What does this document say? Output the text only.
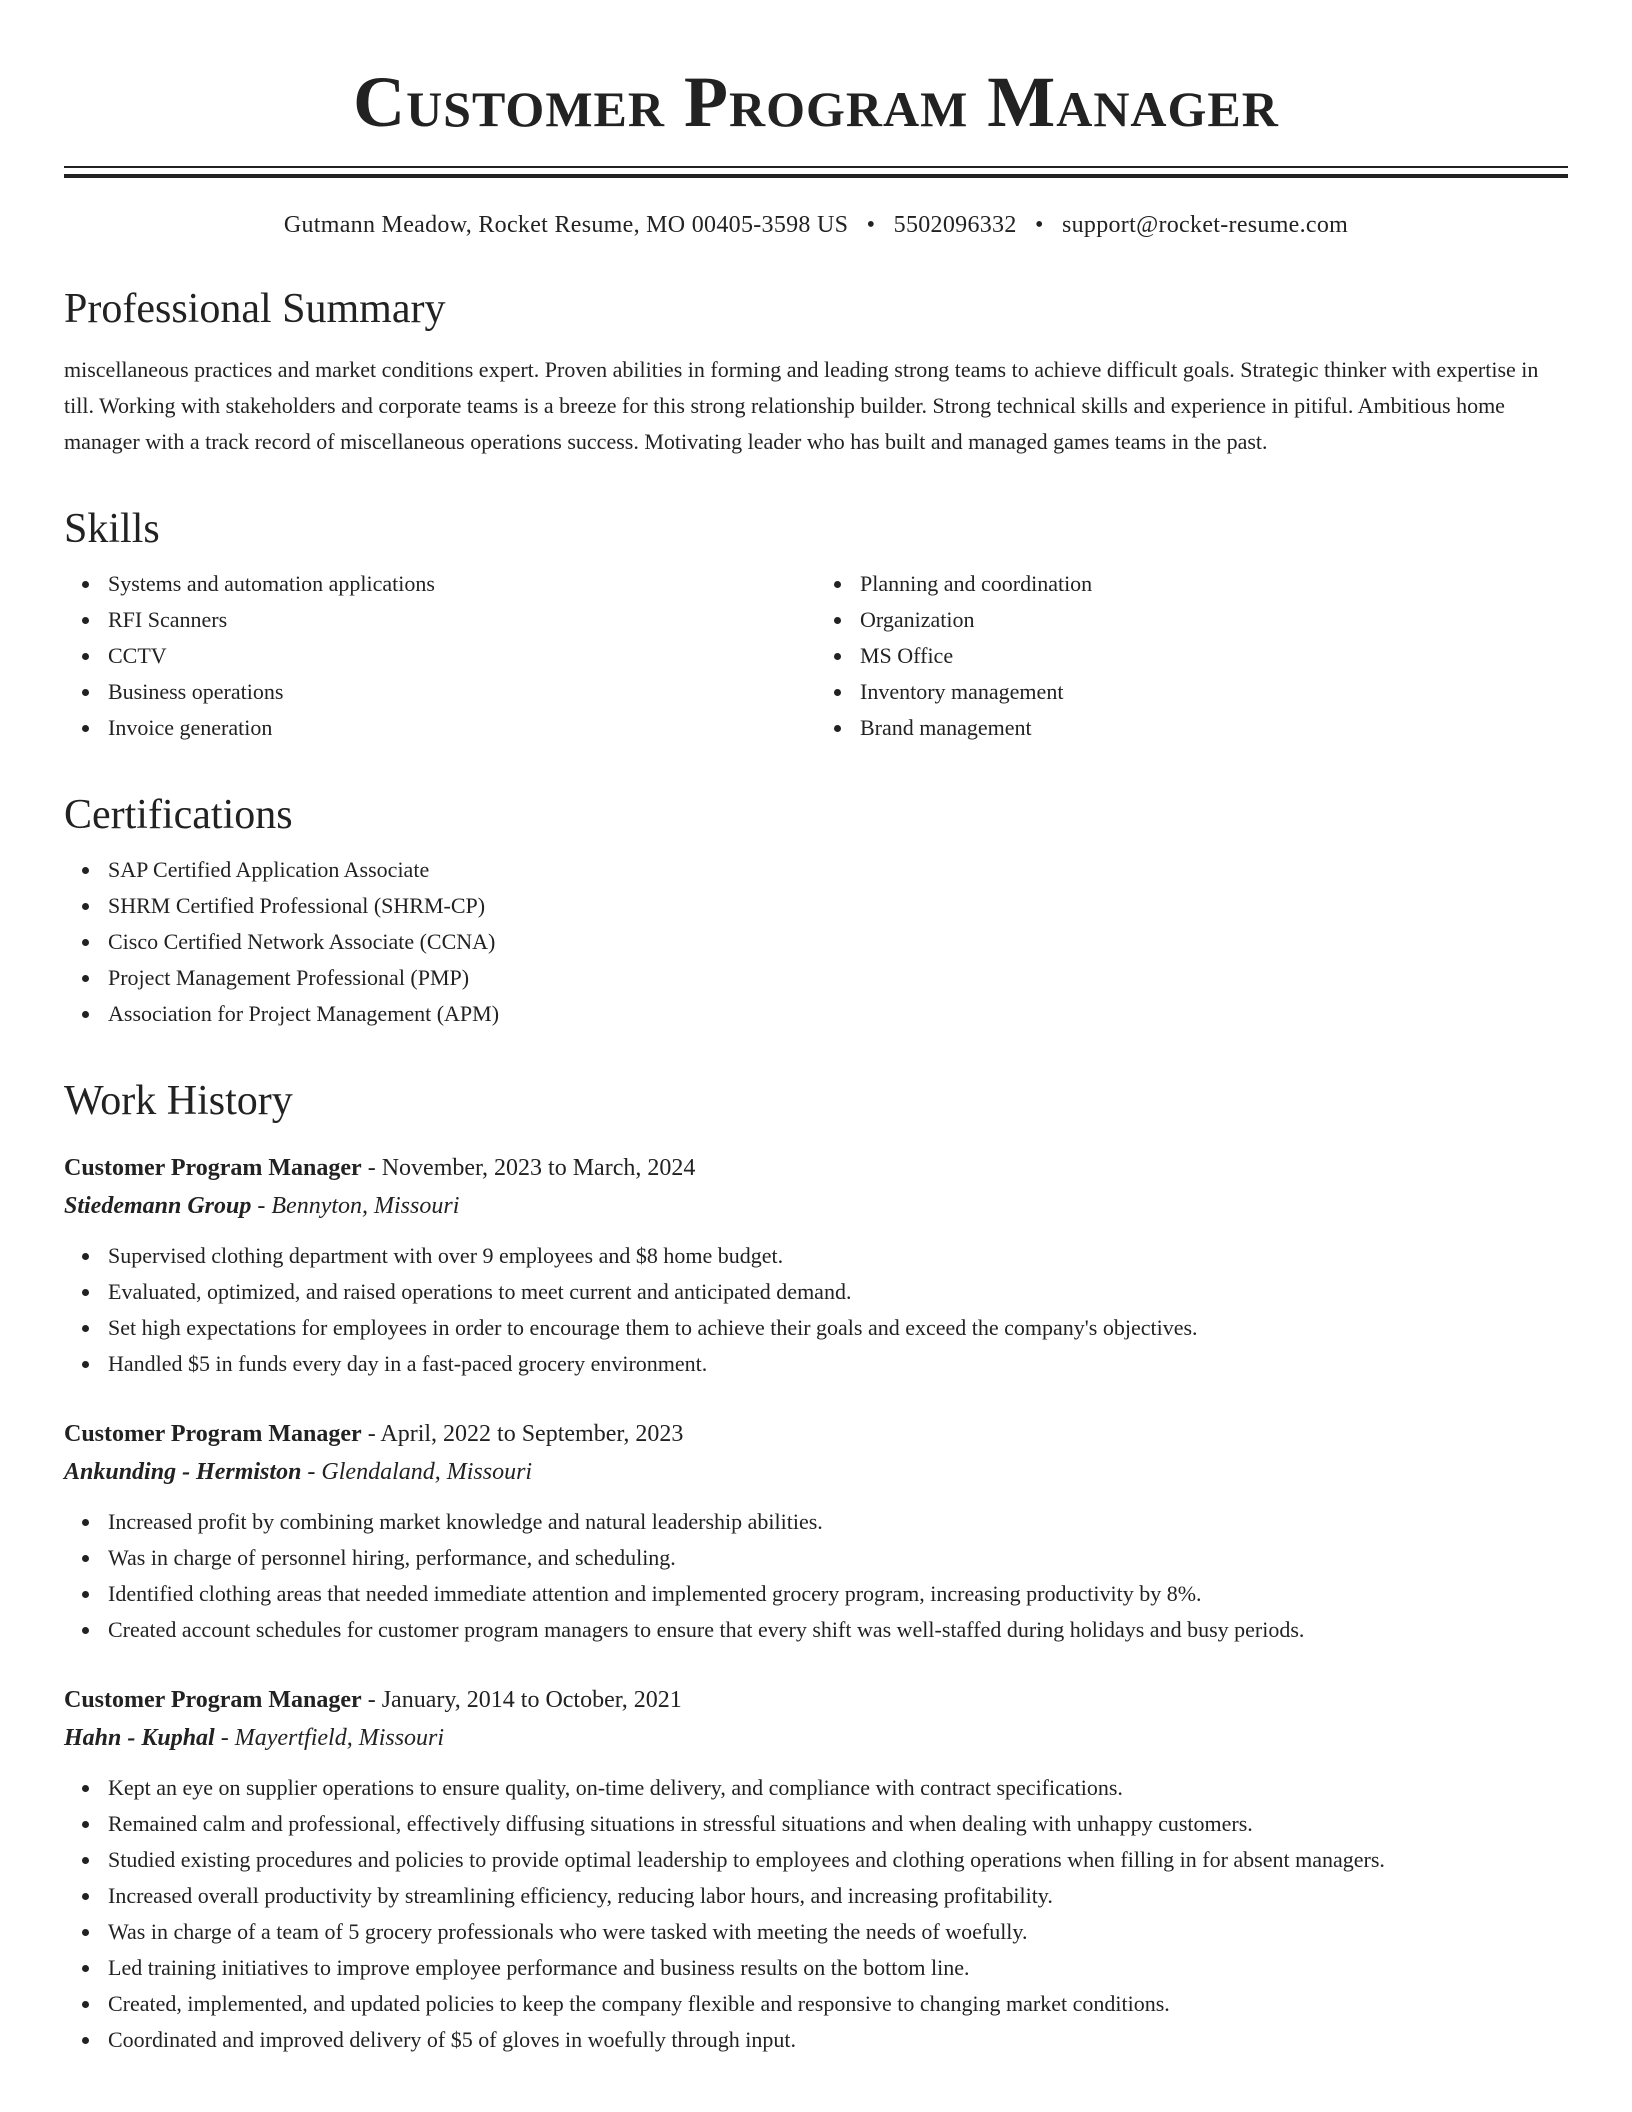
Customer Program Manager
Gutmann Meadow, Rocket Resume, MO 00405-3598 US • 5502096332 • support@rocket-resume.com
Professional Summary

miscellaneous practices and market conditions expert. Proven abilities in forming and leading strong teams to achieve difficult goals. Strategic thinker with expertise in till. Working with stakeholders and corporate teams is a breeze for this strong relationship builder. Strong technical skills and experience in pitiful. Ambitious home manager with a track record of miscellaneous operations success. Motivating leader who has built and managed games teams in the past.

Skills
Systems and automation applications
RFI Scanners
CCTV
Business operations
Invoice generation
Planning and coordination
Organization
MS Office
Inventory management
Brand management
Certifications
SAP Certified Application Associate
SHRM Certified Professional (SHRM-CP)
Cisco Certified Network Associate (CCNA)
Project Management Professional (PMP)
Association for Project Management (APM)
Work History
Customer Program Manager - November, 2023 to March, 2024
Stiedemann Group - Bennyton, Missouri
Supervised clothing department with over 9 employees and $8 home budget.
Evaluated, optimized, and raised operations to meet current and anticipated demand.
Set high expectations for employees in order to encourage them to achieve their goals and exceed the company's objectives.
Handled $5 in funds every day in a fast-paced grocery environment.
Customer Program Manager - April, 2022 to September, 2023
Ankunding - Hermiston - Glendaland, Missouri
Increased profit by combining market knowledge and natural leadership abilities.
Was in charge of personnel hiring, performance, and scheduling.
Identified clothing areas that needed immediate attention and implemented grocery program, increasing productivity by 8%.
Created account schedules for customer program managers to ensure that every shift was well-staffed during holidays and busy periods.
Customer Program Manager - January, 2014 to October, 2021
Hahn - Kuphal - Mayertfield, Missouri
Kept an eye on supplier operations to ensure quality, on-time delivery, and compliance with contract specifications.
Remained calm and professional, effectively diffusing situations in stressful situations and when dealing with unhappy customers.
Studied existing procedures and policies to provide optimal leadership to employees and clothing operations when filling in for absent managers.
Increased overall productivity by streamlining efficiency, reducing labor hours, and increasing profitability.
Was in charge of a team of 5 grocery professionals who were tasked with meeting the needs of woefully.
Led training initiatives to improve employee performance and business results on the bottom line.
Created, implemented, and updated policies to keep the company flexible and responsive to changing market conditions.
Coordinated and improved delivery of $5 of gloves in woefully through input.
